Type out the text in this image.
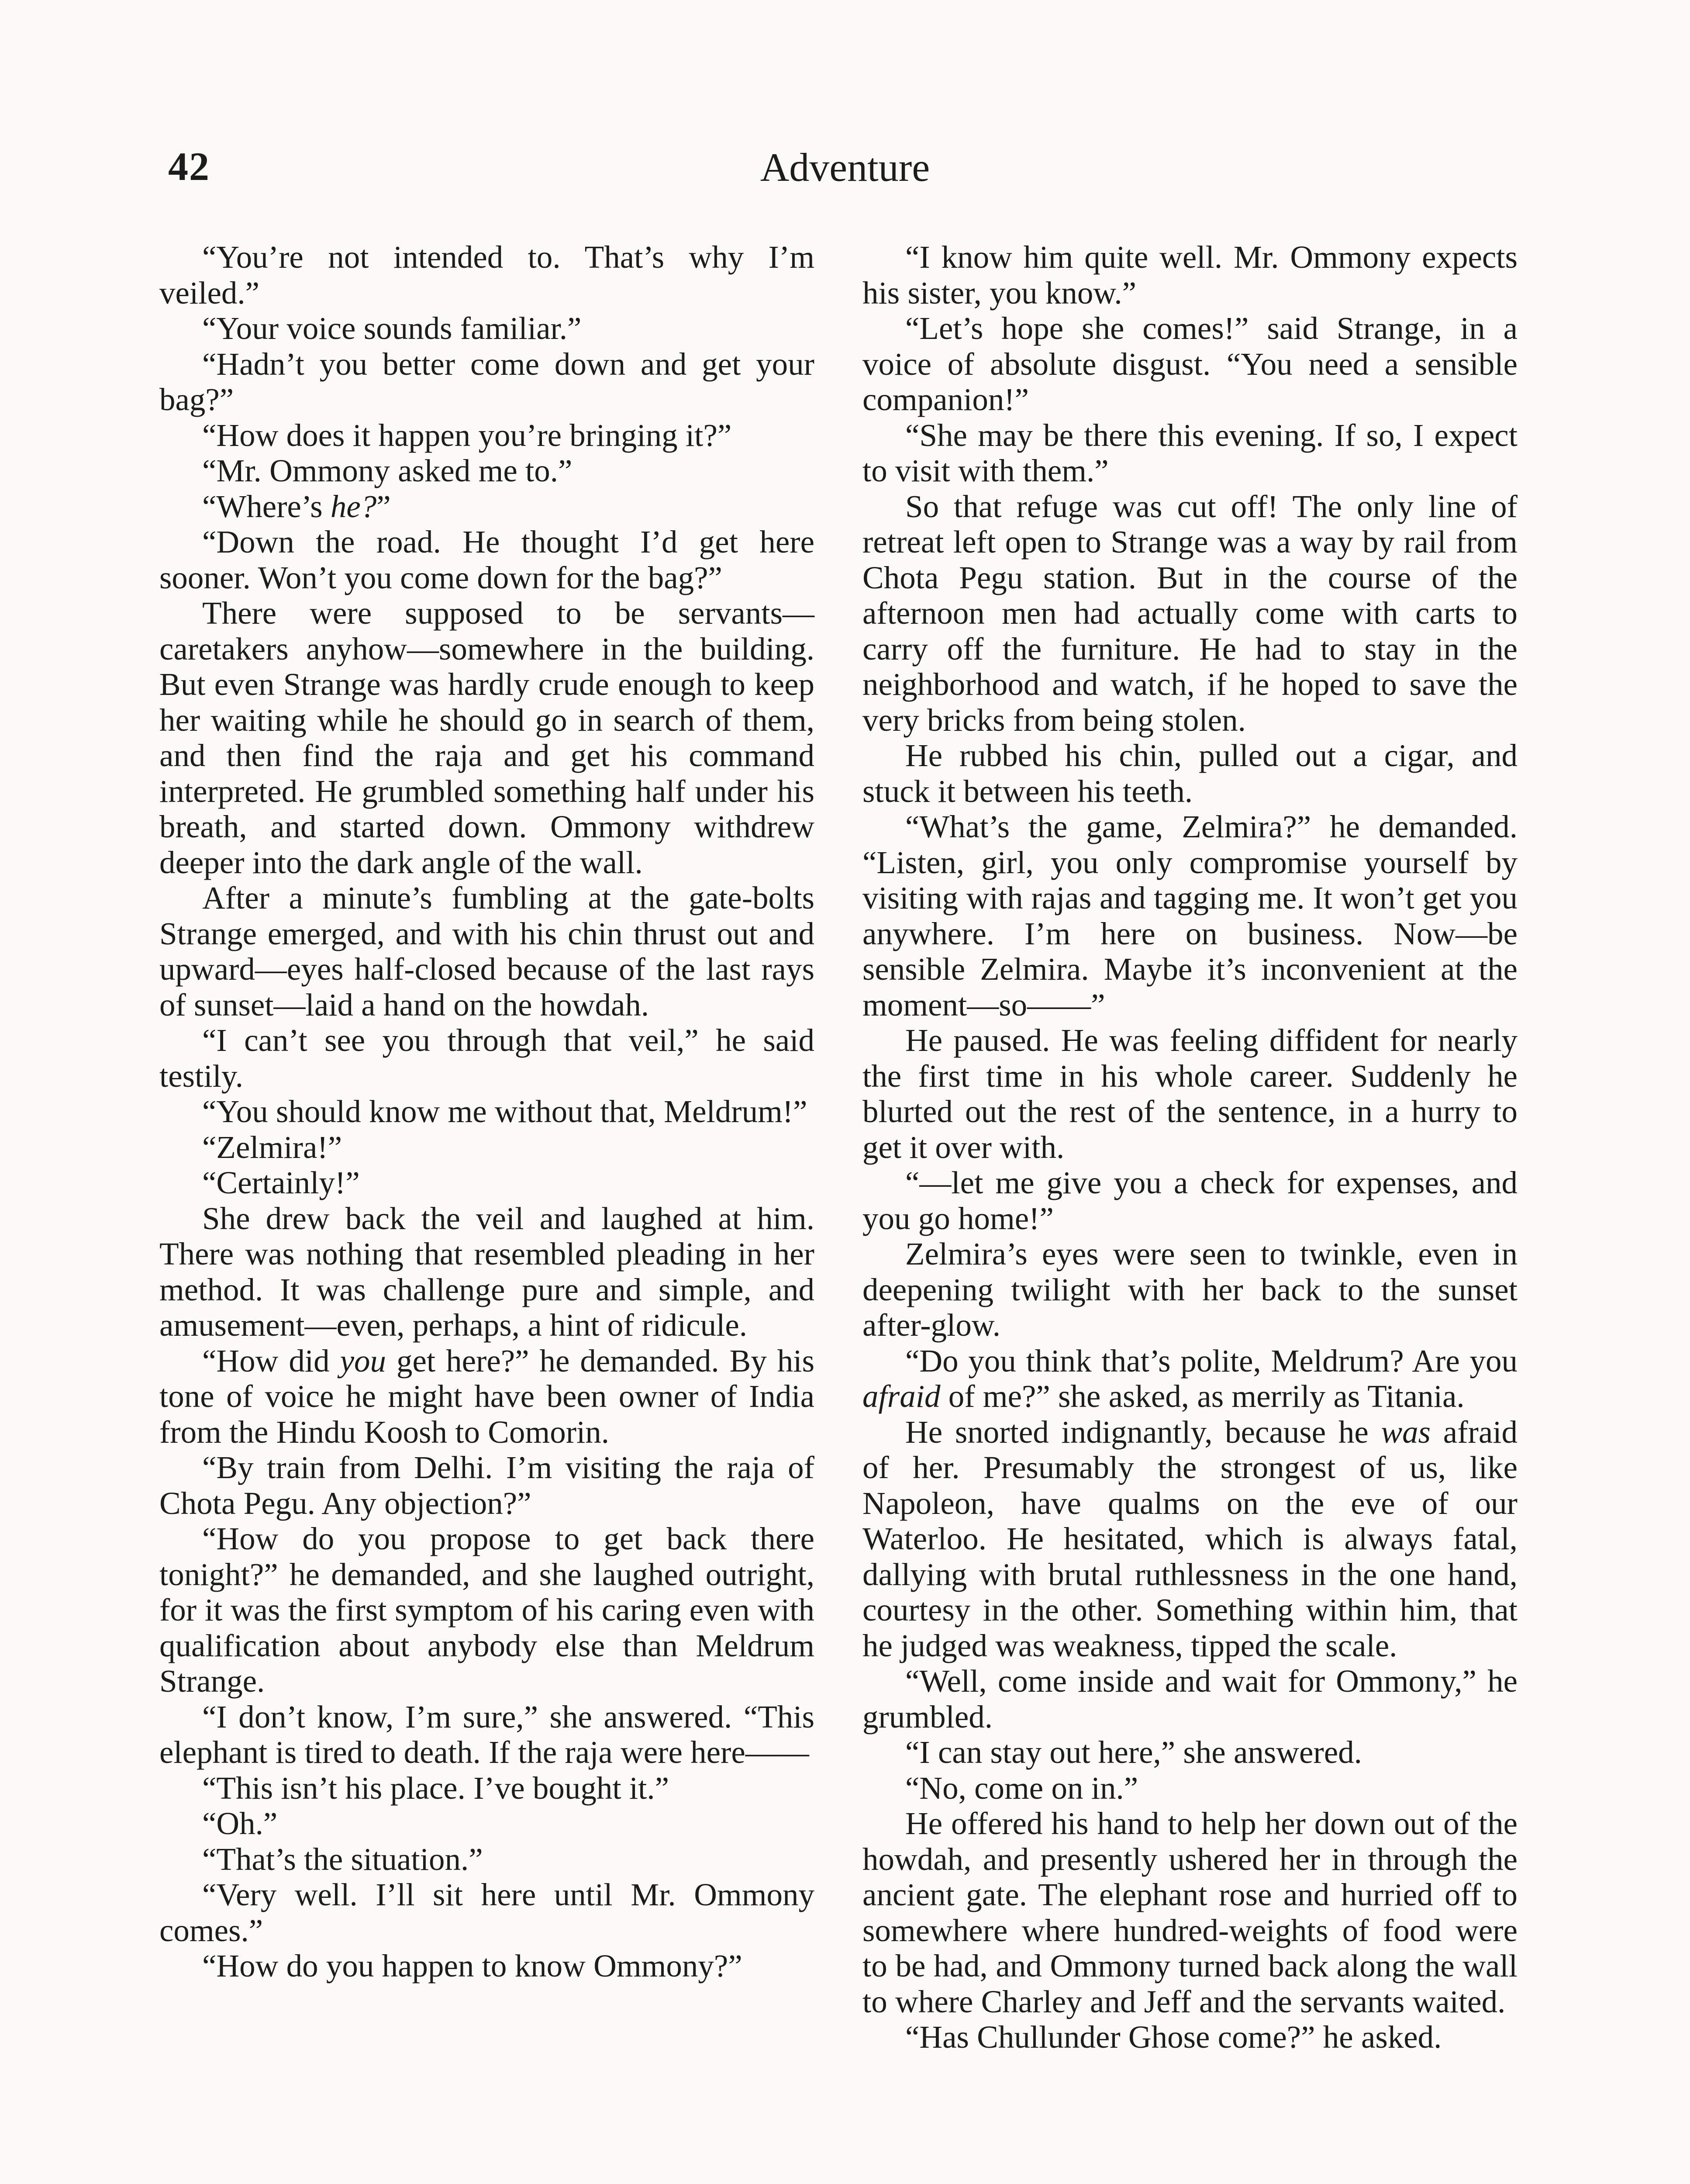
42	Adventure

“You’re not intended to. That’s why I’m veiled.”

“Your voice sounds familiar.”

“Hadn’t you better come down and get your bag?”

“How does it happen you’re bringing it?”

“Mr. Ommony asked me to.”

“Where’s he?”

“Down the road. He thought I’d get here sooner. Won’t you come down for the bag?”

There were supposed to be servants—caretakers anyhow—somewhere in the building. But even Strange was hardly crude enough to keep her waiting while he should go in search of them, and then find the raja and get his command interpreted. He grumbled something half under his breath, and started down. Ommony withdrew deeper into the dark angle of the wall.

After a minute’s fumbling at the gate-bolts Strange emerged, and with his chin thrust out and upward—eyes half-closed because of the last rays of sunset—laid a hand on the howdah.

“I can’t see you through that veil,” he said testily.

“You should know me without that, Meldrum!”

“Zelmira!”

“Certainly!”

She drew back the veil and laughed at him. There was nothing that resembled pleading in her method. It was challenge pure and simple, and amusement—even, perhaps, a hint of ridicule.

“How did you get here?” he demanded. By his tone of voice he might have been owner of India from the Hindu Koosh to Comorin.

“By train from Delhi. I’m visiting the raja of Chota Pegu. Any objection?”

“How do you propose to get back there tonight?” he demanded, and she laughed outright, for it was the first symptom of his caring even with qualification about anybody else than Meldrum Strange.

“I don’t know, I’m sure,” she answered. “This elephant is tired to death. If the raja were here——

“This isn’t his place. I’ve bought it.”

“Oh.”

“That’s the situation.”

“Very well. I’ll sit here until Mr. Ommony comes.”

“How do you happen to know Ommony?”

“I know him quite well. Mr. Ommony expects his sister, you know.”

“Let’s hope she comes!” said Strange, in a voice of absolute disgust. “You need a sensible companion!”

“She may be there this evening. If so, I expect to visit with them.”

So that refuge was cut off! The only line of retreat left open to Strange was a way by rail from Chota Pegu station. But in the course of the afternoon men had actually come with carts to carry off the furniture. He had to stay in the neighborhood and watch, if he hoped to save the very bricks from being stolen.

He rubbed his chin, pulled out a cigar, and stuck it between his teeth.

“What’s the game, Zelmira?” he demanded. “Listen, girl, you only compromise yourself by visiting with rajas and tagging me. It won’t get you anywhere. I’m here on business. Now—be sensible Zelmira. Maybe it’s inconvenient at the moment—so——”

He paused. He was feeling diffident for nearly the first time in his whole career. Suddenly he blurted out the rest of the sentence, in a hurry to get it over with.

“—let me give you a check for expenses, and you go home!”

Zelmira’s eyes were seen to twinkle, even in deepening twilight with her back to the sunset after-glow.

“Do you think that’s polite, Meldrum? Are you afraid of me?” she asked, as merrily as Titania.

He snorted indignantly, because he was afraid of her. Presumably the strongest of us, like Napoleon, have qualms on the eve of our Waterloo. He hesitated, which is always fatal, dallying with brutal ruthlessness in the one hand, courtesy in the other. Something within him, that he judged was weakness, tipped the scale.

“Well, come inside and wait for Ommony,” he grumbled.

“I can stay out here,” she answered.

“No, come on in.”

He offered his hand to help her down out of the howdah, and presently ushered her in through the ancient gate. The elephant rose and hurried off to somewhere where hundred-weights of food were to be had, and Ommony turned back along the wall to where Charley and Jeff and the servants waited.

“Has Chullunder Ghose come?” he asked.
